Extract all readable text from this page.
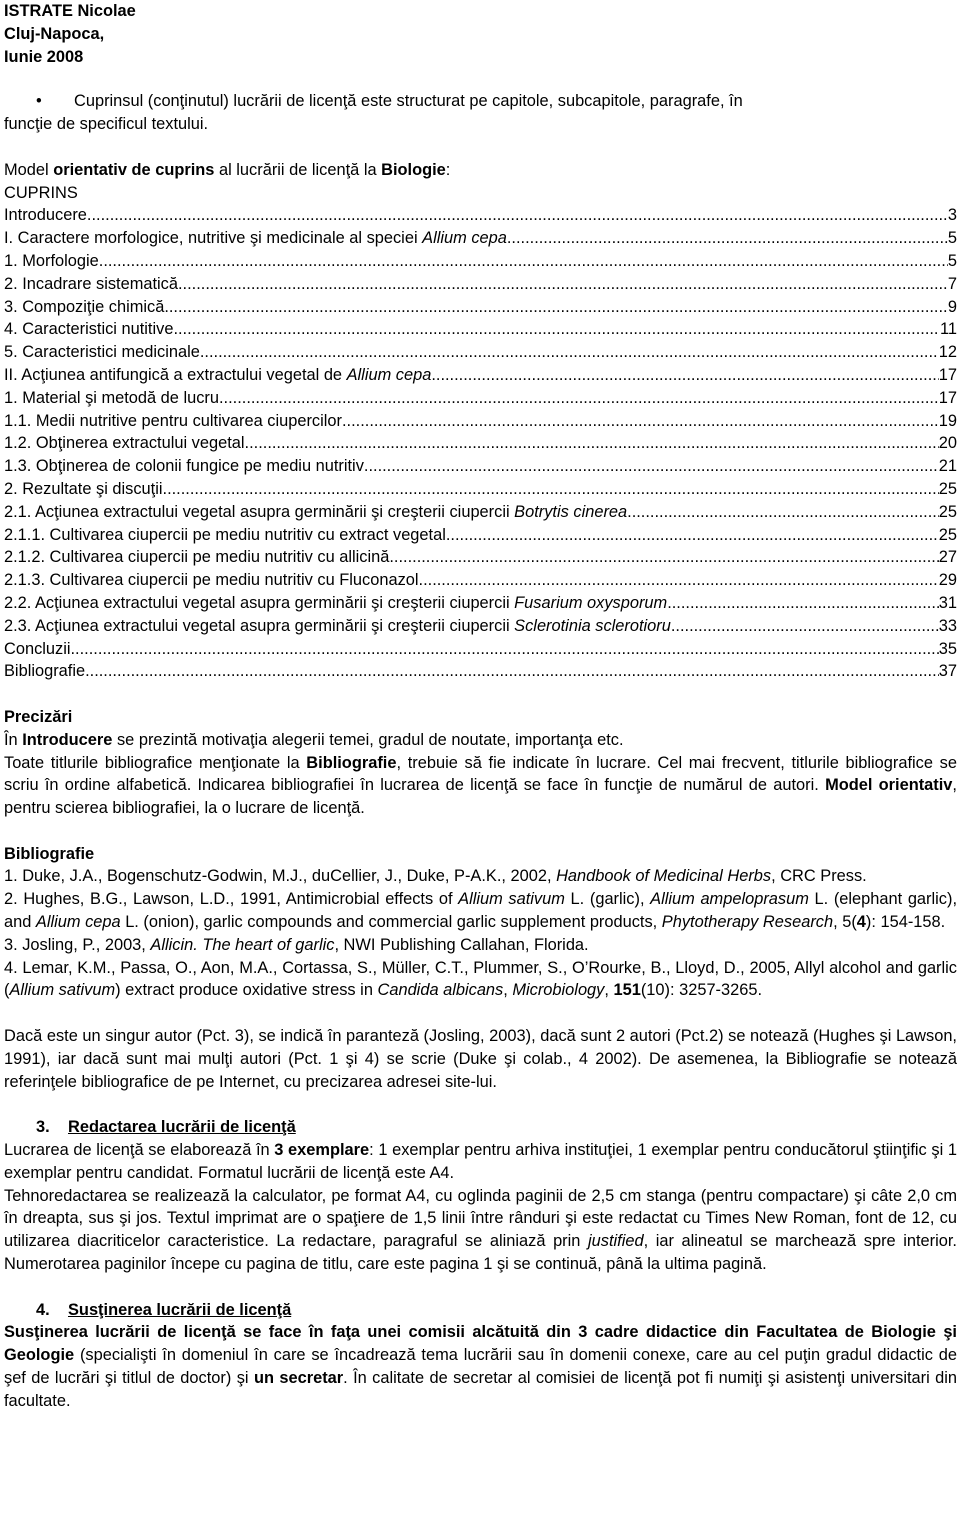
ISTRATE Nicolae
Cluj-Napoca,
Iunie 2008
• Cuprinsul (conţinutul) lucrării de licenţă este structurat pe capitole, subcapitole, paragrafe, în
funcţie de specificul textului.
Model orientativ de cuprins al lucrării de licenţă la Biologie:
CUPRINS
Introducere .....	3
I. Caractere morfologice, nutritive şi medicinale al speciei Allium cepa .....	5
1. Morfologie .....	5
2. Incadrare sistematică .....	7
3. Compoziţie chimică .....	9
4. Caracteristici nutitive .....	11
5. Caracteristici medicinale .....	12
II. Acţiunea antifungică a extractului vegetal de Allium cepa .....	17
1. Material şi metodă de lucru .....	17
1.1. Medii nutritive pentru cultivarea ciupercilor .....	19
1.2. Obţinerea extractului vegetal .....	20
1.3. Obţinerea de colonii fungice pe mediu nutritiv .....	21
2. Rezultate şi discuţii .....	25
2.1. Acţiunea extractului vegetal asupra germinării şi creşterii ciupercii Botrytis cinerea .....	25
2.1.1. Cultivarea ciupercii pe mediu nutritiv cu extract vegetal .....	25
2.1.2. Cultivarea ciupercii pe mediu nutritiv cu allicină .....	27
2.1.3. Cultivarea ciupercii pe mediu nutritiv cu Fluconazol .....	29
2.2. Acţiunea extractului vegetal asupra germinării şi creşterii ciupercii Fusarium oxysporum .....	31
2.3. Acţiunea extractului vegetal asupra germinării şi creşterii ciupercii Sclerotinia sclerotioru .....	33
Concluzii .....	35
Bibliografie .....	37
Precizări
În Introducere se prezintă motivaţia alegerii temei, gradul de noutate, importanţa etc.
Toate titlurile bibliografice menţionate la Bibliografie, trebuie să fie indicate în lucrare. Cel mai frecvent, titlurile bibliografice se scriu în ordine alfabetică. Indicarea bibliografiei în lucrarea de licenţă se face în funcţie de numărul de autori. Model orientativ, pentru scierea bibliografiei, la o lucrare de licenţă.
Bibliografie
1. Duke, J.A., Bogenschutz-Godwin, M.J., duCellier, J., Duke, P-A.K., 2002, Handbook of Medicinal Herbs, CRC Press.
2. Hughes, B.G., Lawson, L.D., 1991, Antimicrobial effects of Allium sativum L. (garlic), Allium ampeloprasum L. (elephant garlic), and Allium cepa L. (onion), garlic compounds and commercial garlic supplement products, Phytotherapy Research, 5(4): 154-158.
3. Josling, P., 2003, Allicin. The heart of garlic, NWI Publishing Callahan, Florida.
4. Lemar, K.M., Passa, O., Aon, M.A., Cortassa, S., Müller, C.T., Plummer, S., O’Rourke, B., Lloyd, D., 2005, Allyl alcohol and garlic (Allium sativum) extract produce oxidative stress in Candida albicans, Microbiology, 151(10): 3257-3265.
Dacă este un singur autor (Pct. 3), se indică în paranteză (Josling, 2003), dacă sunt 2 autori (Pct.2) se notează (Hughes şi Lawson, 1991), iar dacă sunt mai mulţi autori (Pct. 1 şi 4) se scrie (Duke şi colab., 4 2002). De asemenea, la Bibliografie se notează referinţele bibliografice de pe Internet, cu precizarea adresei site-lui.
3. Redactarea lucrării de licenţă
Lucrarea de licenţă se elaborează în 3 exemplare: 1 exemplar pentru arhiva instituţiei, 1 exemplar pentru conducătorul ştiinţific şi 1 exemplar pentru candidat. Formatul lucrării de licenţă este A4.
Tehnoredactarea se realizează la calculator, pe format A4, cu oglinda paginii de 2,5 cm stanga (pentru compactare) şi câte 2,0 cm în dreapta, sus şi jos. Textul imprimat are o spaţiere de 1,5 linii între rânduri şi este redactat cu Times New Roman, font de 12, cu utilizarea diacriticelor caracteristice. La redactare, paragraful se aliniază prin justified, iar alineatul se marchează spre interior. Numerotarea paginilor începe cu pagina de titlu, care este pagina 1 şi se continuă, până la ultima pagină.
4. Susţinerea lucrării de licenţă
Susţinerea lucrării de licenţă se face în faţa unei comisii alcătuită din 3 cadre didactice din Facultatea de Biologie şi Geologie (specialişti în domeniul în care se încadrează tema lucrării sau în domenii conexe, care au cel puţin gradul didactic de şef de lucrări şi titlul de doctor) şi un secretar. În calitate de secretar al comisiei de licenţă pot fi numiţi şi asistenţi universitari din facultate.
